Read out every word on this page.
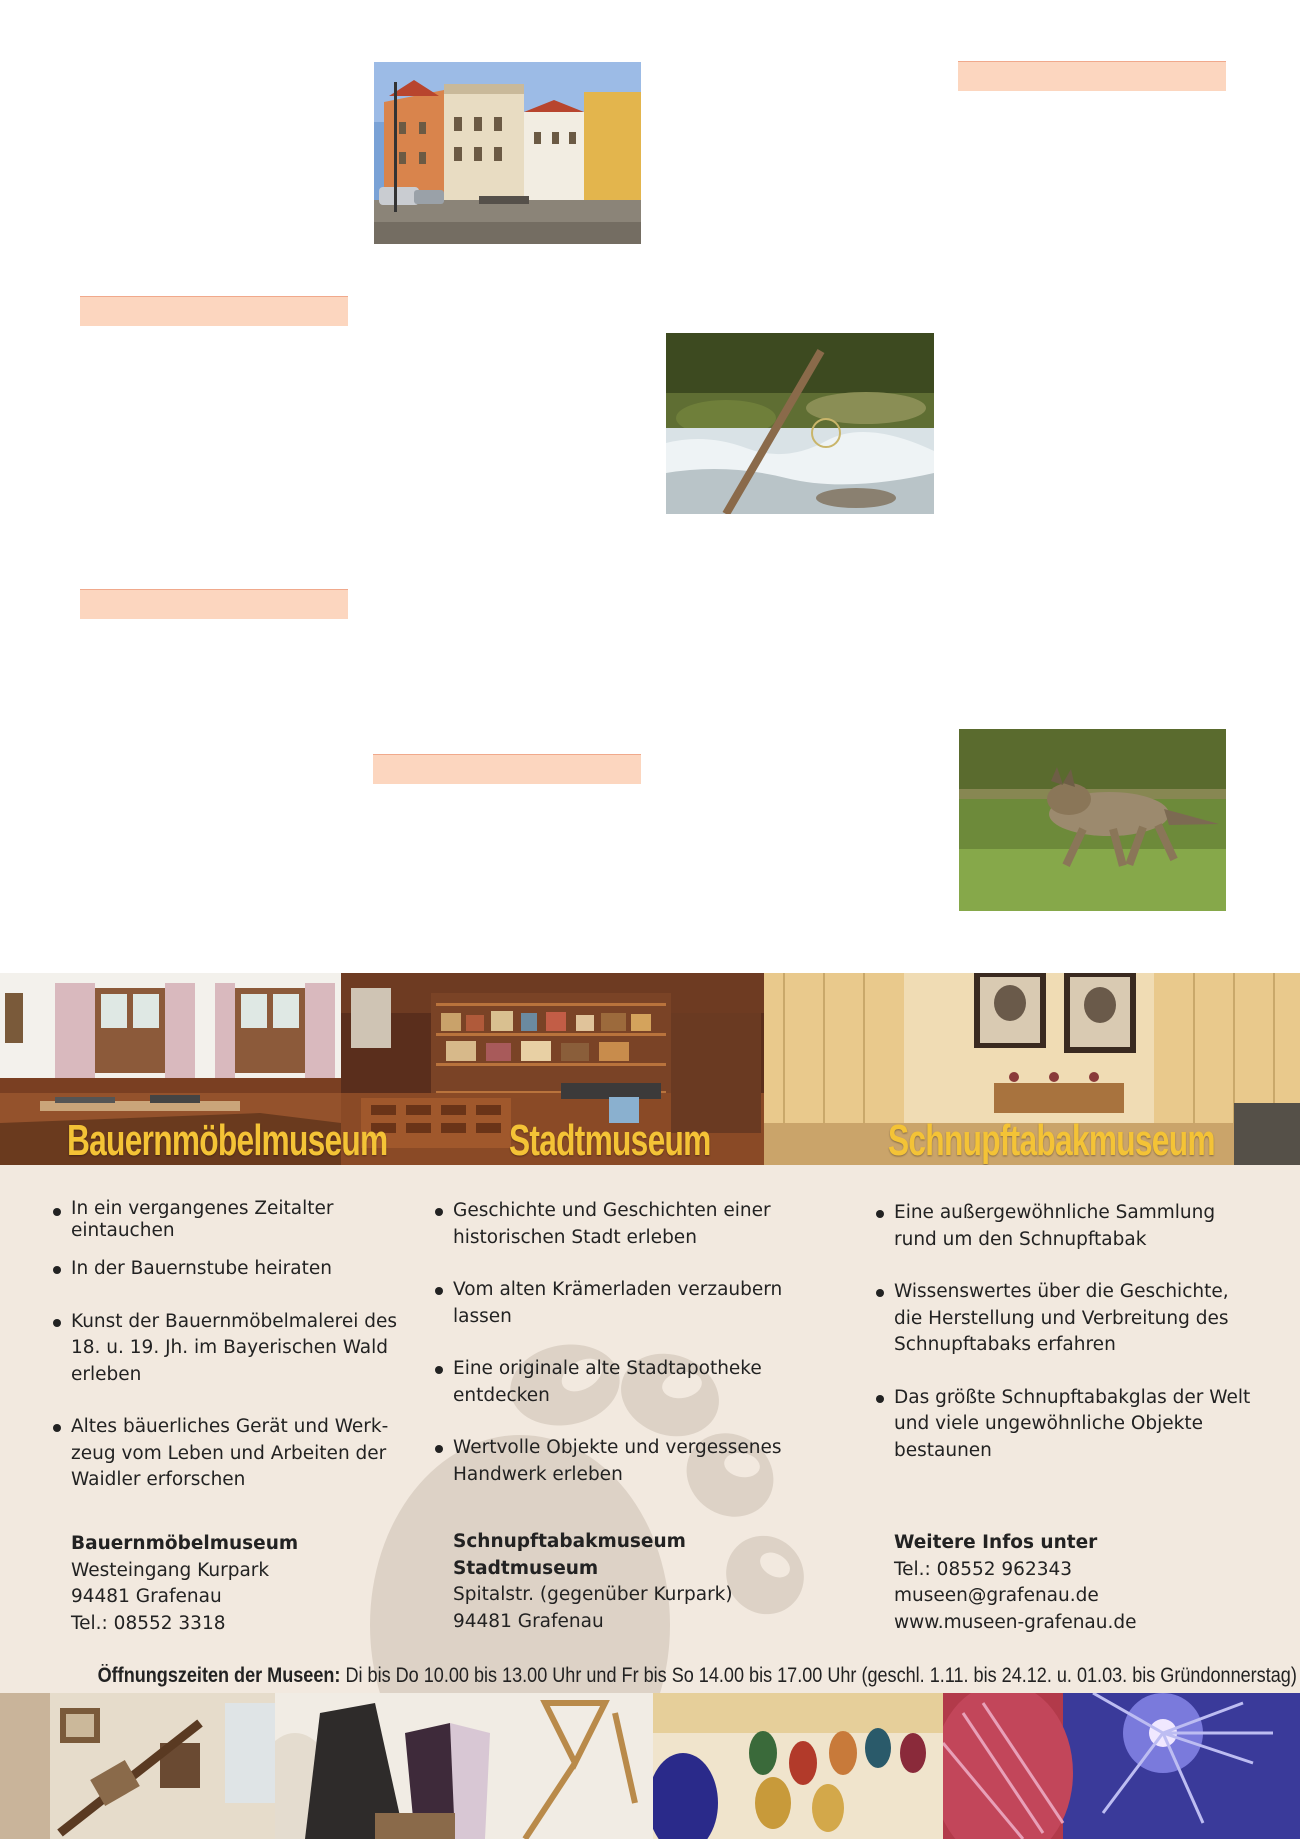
Bauernmöbelmuseum	Stadtmuseum	Schnupftabakmuseum
In ein vergangenes Zeitalter eintauchen
In der Bauernstube heiraten
Kunst der Bauernmöbelmalerei des 18. u. 19. Jh. im Bayerischen Wald erleben
Altes bäuerliches Gerät und Werk-zeug vom Leben und Arbeiten der Waidler erforschen
Bauernmöbelmuseum
Westeingang Kurpark
94481 Grafenau
Tel.: 08552 3318
Geschichte und Geschichten einer historischen Stadt erleben
Vom alten Krämerladen verzaubern lassen
Eine originale alte Stadtapotheke entdecken
Wertvolle Objekte und vergessenes Handwerk erleben
Schnupftabakmuseum
Stadtmuseum
Spitalstr. (gegenüber Kurpark)
94481 Grafenau
Eine außergewöhnliche Sammlung rund um den Schnupftabak
Wissenswertes über die Geschichte, die Herstellung und Verbreitung des Schnupftabaks erfahren
Das größte Schnupftabakglas der Welt und viele ungewöhnliche Objekte bestaunen
Weitere Infos unter
Tel.: 08552 962343
museen@grafenau.de
www.museen-grafenau.de
Öffnungszeiten der Museen: Di bis Do 10.00 bis 13.00 Uhr und Fr bis So 14.00 bis 17.00 Uhr (geschl. 1.11. bis 24.12. u. 01.03. bis Gründonnerstag)
